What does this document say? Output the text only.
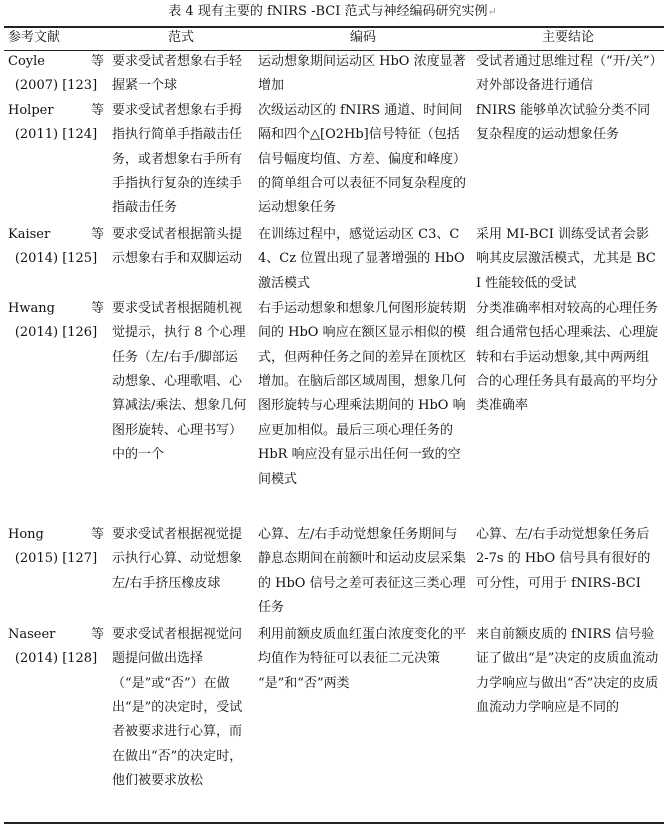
表 4 现有主要的 fNIRS -BCI 范式与神经编码研究实例↵
参考文献	范式	编码	主要结论

Coyle 等
(2007) [123]	要求受试者想象右手轻握紧一个球	运动想象期间运动区 HbO 浓度显著增加	受试者通过思维过程（“开/关”）对外部设备进行通信

Holper 等
(2011) [124]	要求受试者想象右手拇指执行简单手指敲击任务，或者想象右手所有手指执行复杂的连续手指敲击任务	次级运动区的 fNIRS 通道、时间间隔和四个△[O2Hb]信号特征（包括信号幅度均值、方差、偏度和峰度）的简单组合可以表征不同复杂程度的运动想象任务	fNIRS 能够单次试验分类不同复杂程度的运动想象任务

Kaiser 等
(2014) [125]	要求受试者根据箭头提示想象右手和双脚运动	在训练过程中，感觉运动区 C3、C4、Cz 位置出现了显著增强的 HbO 激活模式	采用 MI-BCI 训练受试者会影响其皮层激活模式，尤其是 BCI 性能较低的受试

Hwang 等
(2014) [126]	要求受试者根据随机视觉提示，执行 8 个心理任务（左/右手/脚部运动想象、心理歌唱、心算减法/乘法、想象几何图形旋转、心理书写）中的一个	右手运动想象和想象几何图形旋转期间的 HbO 响应在额区显示相似的模式，但两种任务之间的差异在顶枕区增加。在脑后部区域周围，想象几何图形旋转与心理乘法期间的 HbO 响应更加相似。最后三项心理任务的 HbR 响应没有显示出任何一致的空间模式	分类准确率相对较高的心理任务组合通常包括心理乘法、心理旋转和右手运动想象,其中两两组合的心理任务具有最高的平均分类准确率

Hong 等
(2015) [127]	要求受试者根据视觉提示执行心算、动觉想象左/右手挤压橡皮球	心算、左/右手动觉想象任务期间与静息态期间在前额叶和运动皮层采集的 HbO 信号之差可表征这三类心理任务	心算、左/右手动觉想象任务后 2-7s 的 HbO 信号具有很好的可分性，可用于 fNIRS-BCI

Naseer 等
(2014) [128]	要求受试者根据视觉问题提问做出选择（“是”或“否”）在做出“是”的决定时，受试者被要求进行心算，而在做出“否”的决定时，他们被要求放松	利用前额皮质血红蛋白浓度变化的平均值作为特征可以表征二元决策 “是”和“否”两类	来自前额皮质的 fNIRS 信号验证了做出“是”决定的皮质血流动力学响应与做出“否”决定的皮质血流动力学响应是不同的
